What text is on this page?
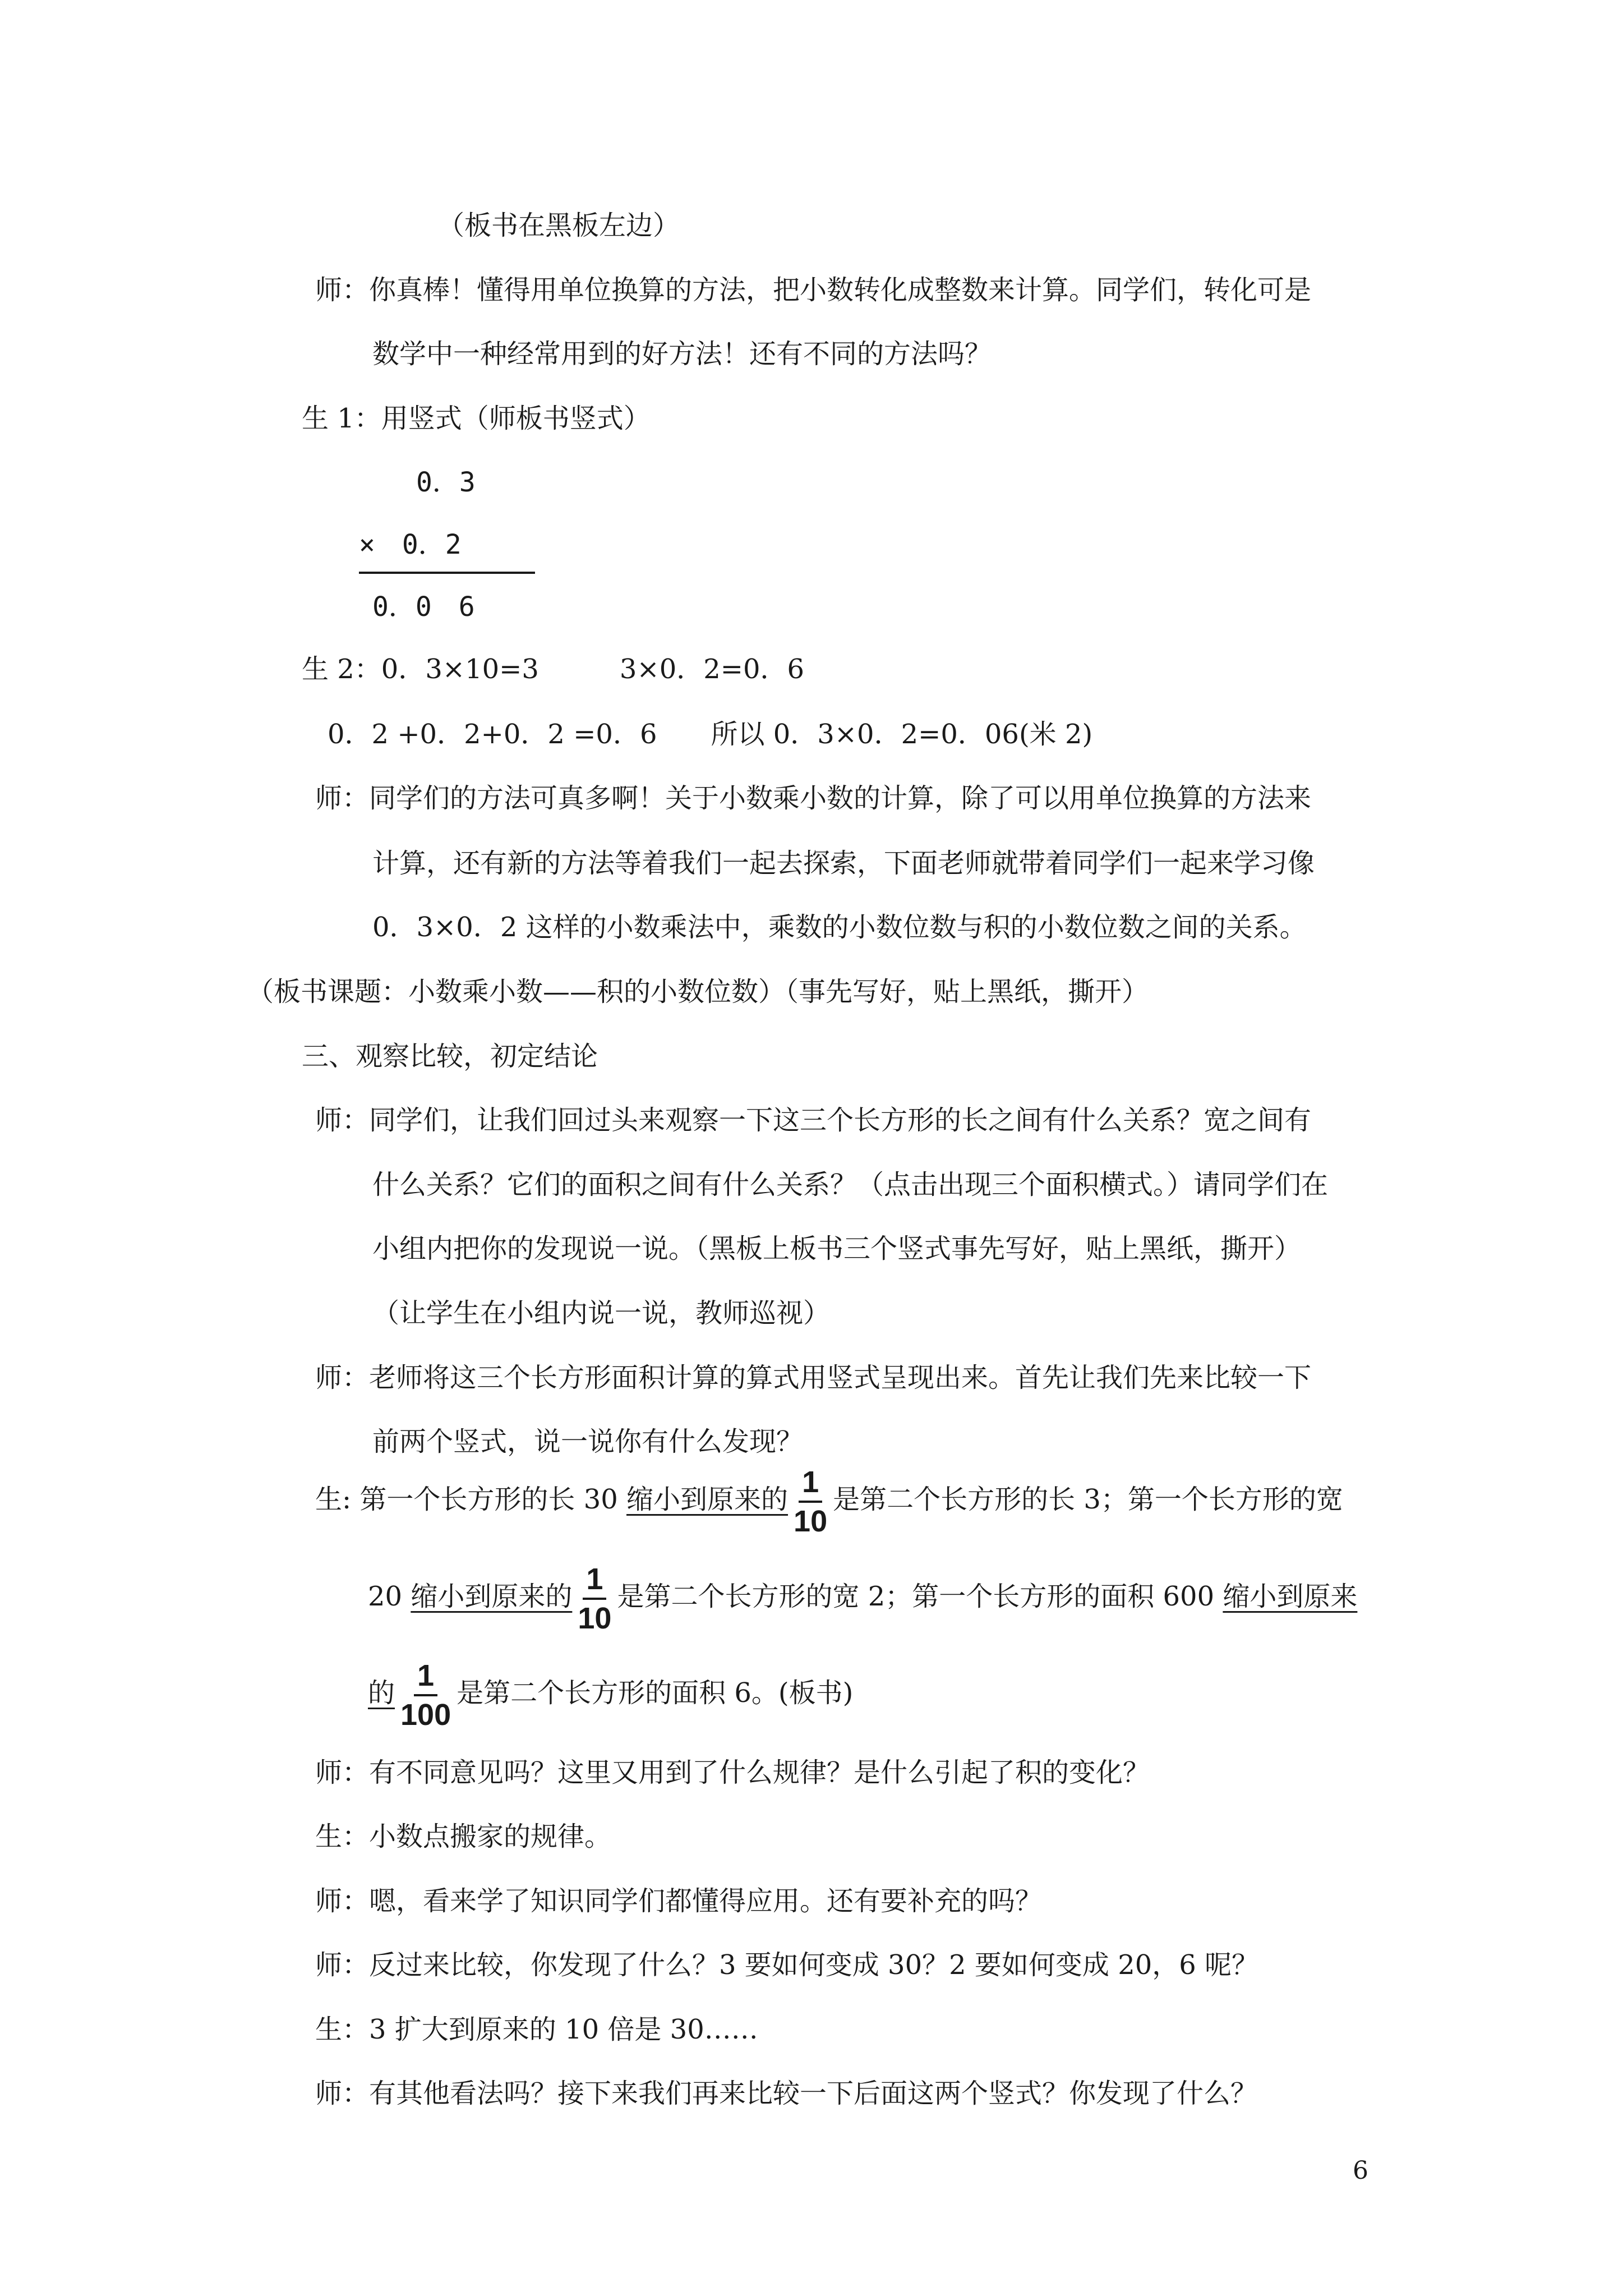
（板书在黑板左边）
师：你真棒！懂得用单位换算的方法，把小数转化成整数来计算。同学们，转化可是
数学中一种经常用到的好方法！还有不同的方法吗？
生 1：用竖式（师板书竖式）
0．3
×　0．2
0．0　6
生 2：0．3×10=3　　　3×0．2=0．6
0．2 +0．2+0．2 =0．6　　所以 0．3×0．2=0．06(米 2)
师：同学们的方法可真多啊！关于小数乘小数的计算，除了可以用单位换算的方法来
计算，还有新的方法等着我们一起去探索，下面老师就带着同学们一起来学习像
0．3×0．2 这样的小数乘法中，乘数的小数位数与积的小数位数之间的关系。
（板书课题：小数乘小数——积的小数位数）（事先写好，贴上黑纸，撕开）
三、观察比较，初定结论
师：同学们，让我们回过头来观察一下这三个长方形的长之间有什么关系？宽之间有
什么关系？它们的面积之间有什么关系？（点击出现三个面积横式。）请同学们在
小组内把你的发现说一说。（黑板上板书三个竖式事先写好，贴上黑纸，撕开）
（让学生在小组内说一说，教师巡视）
师：老师将这三个长方形面积计算的算式用竖式呈现出来。首先让我们先来比较一下
前两个竖式，说一说你有什么发现？
生: 第一个长方形的长 30 缩小到原来的 $\frac{1}{10}$ 是第二个长方形的长 3；第一个长方形的宽
20 缩小到原来的 $\frac{1}{10}$ 是第二个长方形的宽 2；第一个长方形的面积 600 缩小到原来
的 $\frac{1}{100}$ 是第二个长方形的面积 6。(板书)
师：有不同意见吗？这里又用到了什么规律？是什么引起了积的变化？
生：小数点搬家的规律。
师：嗯，看来学了知识同学们都懂得应用。还有要补充的吗？
师：反过来比较，你发现了什么？3 要如何变成 30？2 要如何变成 20，6 呢？
生：3 扩大到原来的 10 倍是 30……
师：有其他看法吗？接下来我们再来比较一下后面这两个竖式？你发现了什么？
6
